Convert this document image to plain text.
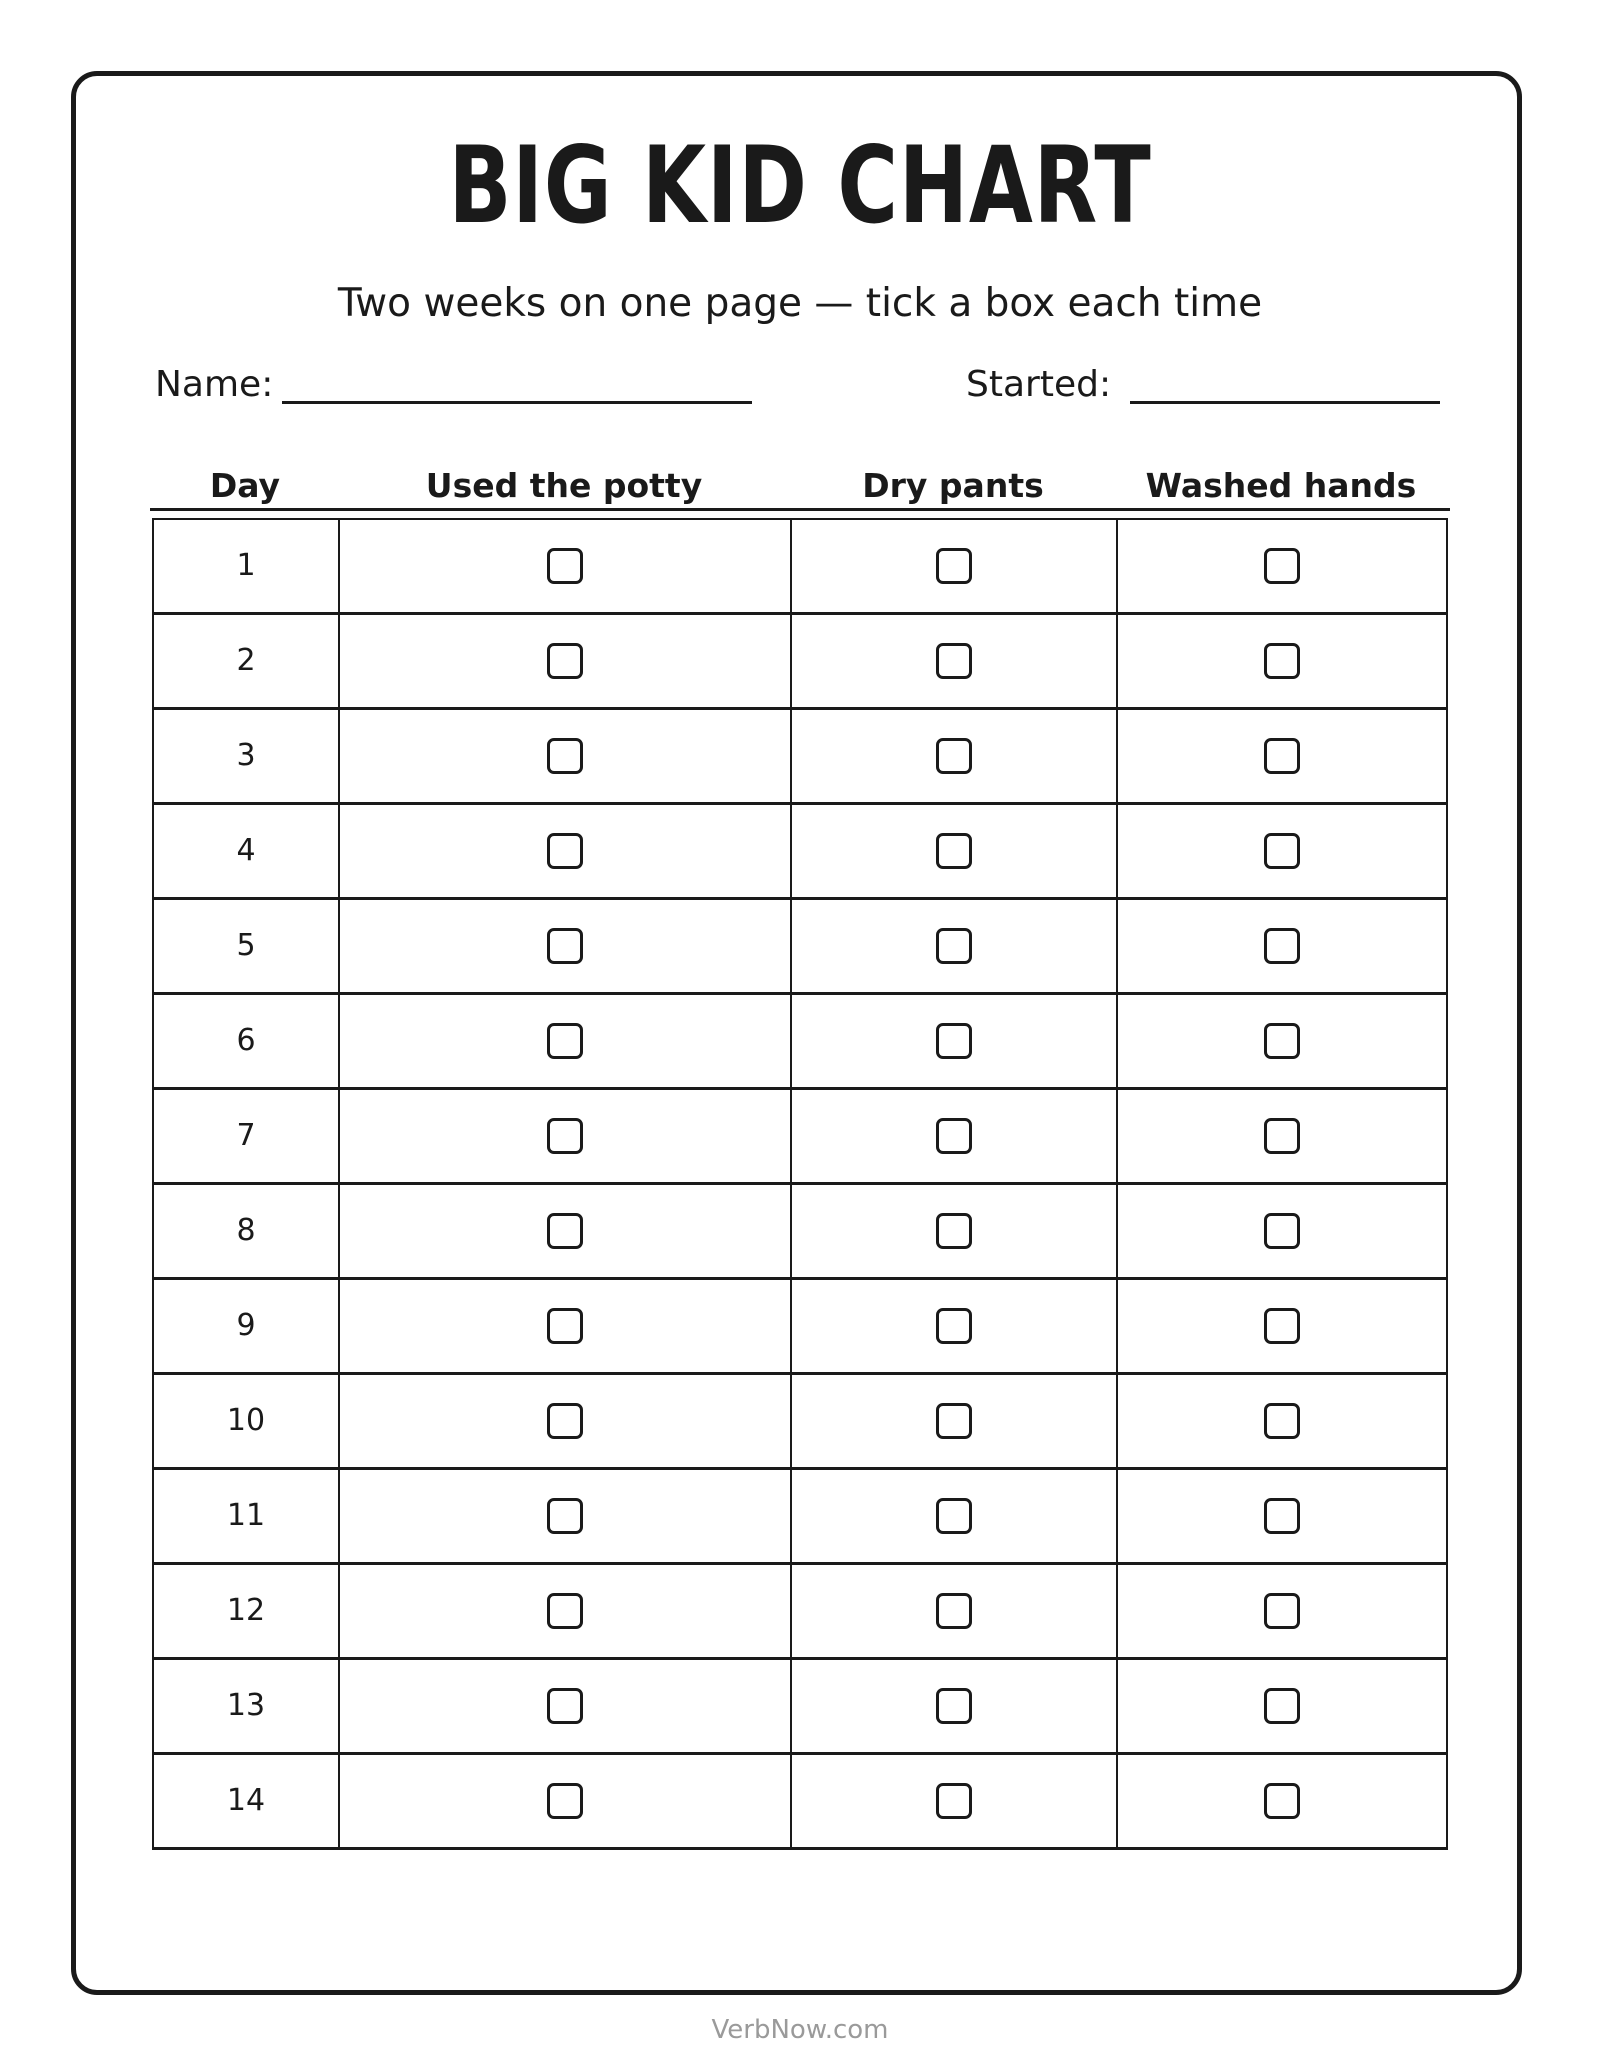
BIG KID CHART
Two weeks on one page — tick a box each time
Name:	Started:
Day	Used the potty	Dry pants	Washed hands
1			
2			
3			
4			
5			
6			
7			
8			
9			
10			
11			
12			
13			
14			
VerbNow.com
